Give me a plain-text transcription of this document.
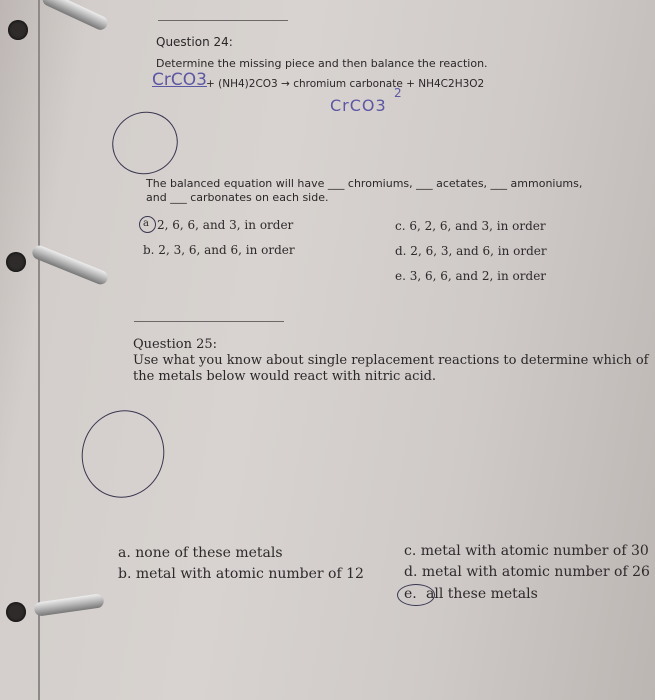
Question 24:
Determine the missing piece and then balance the reaction.
CrCO3 + (NH4)2CO3 → chromium carbonate + NH4C2H3O2
CrCO3
2
The balanced equation will have ___ chromiums, ___ acetates, ___ ammoniums,
and ___ carbonates on each side.
a 2, 6, 6, and 3, in order
b. 2, 3, 6, and 6, in order
c. 6, 2, 6, and 3, in order
d. 2, 6, 3, and 6, in order
e. 3, 6, 6, and 2, in order
Question 25:
Use what you know about single replacement reactions to determine which of
the metals below would react with nitric acid.
a. none of these metals
b. metal with atomic number of 12
c. metal with atomic number of 30
d. metal with atomic number of 26
e. all these metals
